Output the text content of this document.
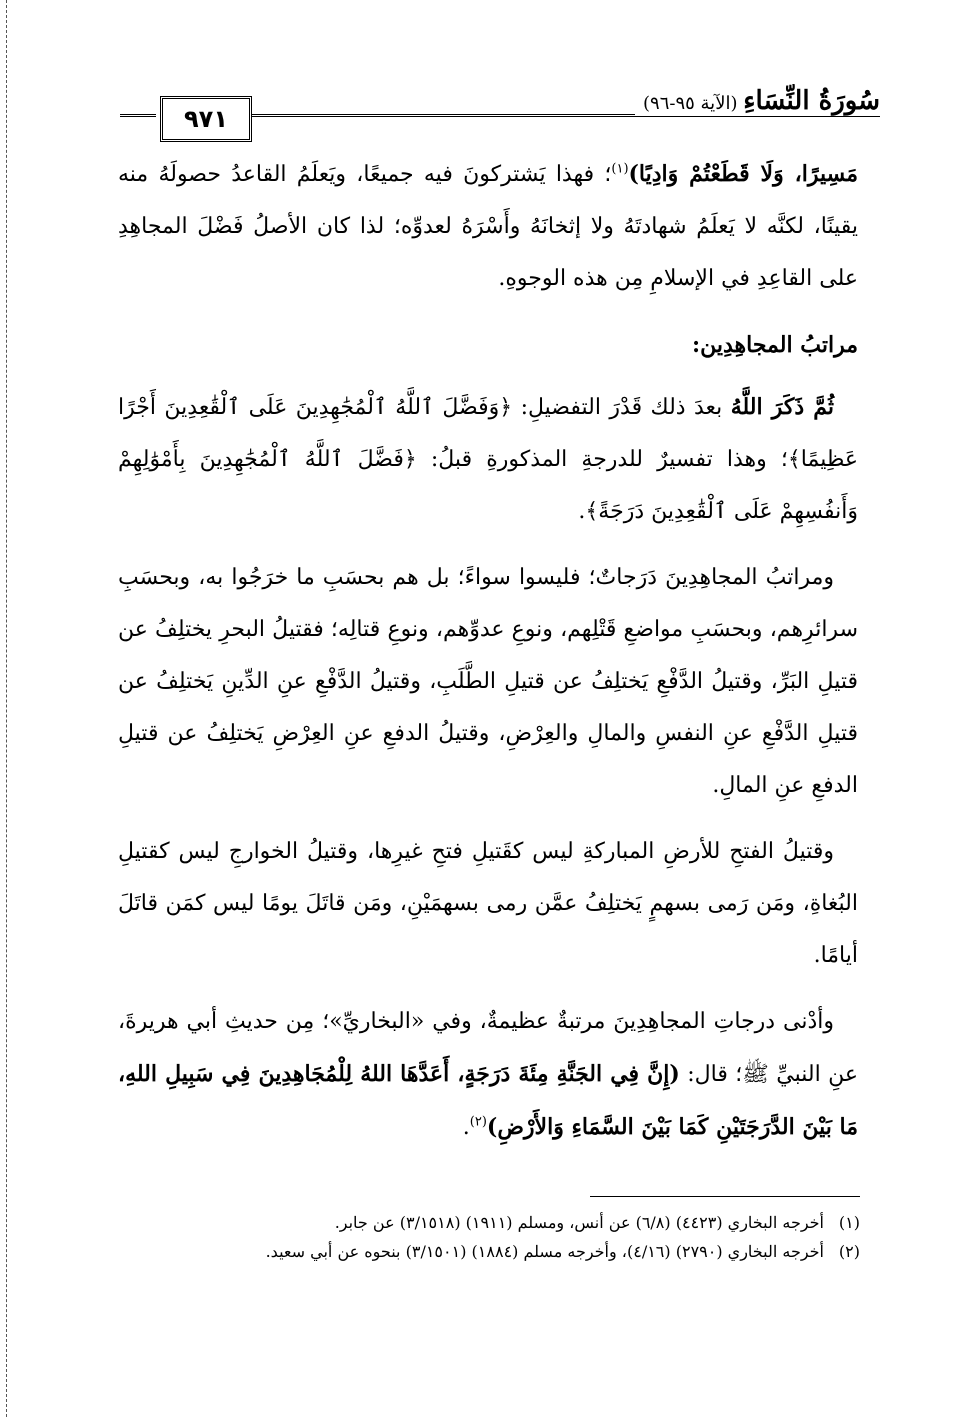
٩٧١
سُورَةُ النِّسَاءِ (الآية ٩٥-٩٦)

مَسِيرًا، وَلَا قَطَعْتُمْ وَادِيًا)$^{(١)}$؛ فهذا يَشتركونَ فيه جميعًا، ويَعلَمُ القاعدُ حصولَهُ منه يقينًا، لكنَّه لا يَعلَمُ شهادتَهُ ولا إثخانَهُ وأَسْرَهُ لعدوِّه؛ لذا كان الأصلُ فَضْلَ المجاهِدِ على القاعِدِ في الإسلامِ مِن هذه الوجوهِ.

مراتبُ المجاهِدِين:

ثُمَّ ذَكَرَ اللَّهُ بعدَ ذلك قَدْرَ التفضيلِ: ﴿وَفَضَّلَ ٱللَّهُ ٱلْمُجَٰهِدِينَ عَلَى ٱلْقَٰعِدِينَ أَجْرًا عَظِيمًا﴾؛ وهذا تفسيرٌ للدرجةِ المذكورةِ قبلُ: ﴿فَضَّلَ ٱللَّهُ ٱلْمُجَٰهِدِينَ بِأَمْوَٰلِهِمْ وَأَنفُسِهِمْ عَلَى ٱلْقَٰعِدِينَ دَرَجَةً﴾.

ومراتبُ المجاهِدِينَ دَرَجاتٌ؛ فليسوا سواءً؛ بل هم بحسَبِ ما خرَجُوا به، وبحسَبِ سرائرِهم، وبحسَبِ مواضعِ قَتْلِهم، ونوعِ عدوِّهم، ونوعِ قتالِه؛ فقتيلُ البحرِ يختلِفُ عن قتيلِ البَرِّ، وقتيلُ الدَّفْعِ يَختلِفُ عن قتيلِ الطَّلَبِ، وقتيلُ الدَّفْعِ عنِ الدِّينِ يَختلِفُ عن قتيلِ الدَّفْعِ عنِ النفسِ والمالِ والعِرْضِ، وقتيلُ الدفعِ عنِ العِرْضِ يَختلِفُ عن قتيلِ الدفعِ عنِ المالِ.

وقتيلُ الفتحِ للأرضِ المباركةِ ليس كقَتيلِ فتحِ غيرِها، وقتيلُ الخوارجِ ليس كقتيلِ البُغاةِ، ومَن رَمى بسهمٍ يَختلِفُ عمَّن رمى بسهمَيْنِ، ومَن قاتَلَ يومًا ليس كمَن قاتَلَ أيامًا.

وأدْنى درجاتِ المجاهِدِينَ مرتبةٌ عظيمةٌ، وفي «البخاريِّ»؛ مِن حديثِ أبي هريرةَ، عنِ النبيِّ ﷺ؛ قال: (إِنَّ فِي الجَنَّةِ مِئَةَ دَرَجَةٍ، أَعَدَّهَا اللهُ لِلْمُجَاهِدِينَ فِي سَبِيلِ اللهِ، مَا بَيْنَ الدَّرَجَتَيْنِ كَمَا بَيْنَ السَّمَاءِ وَالأَرْضِ)$^{(٢)}$.

(١)
أخرجه البخاري (٤٤٢٣) (٦/٨) عن أنس، ومسلم (١٩١١) (٣/١٥١٨) عن جابر.
(٢)
أخرجه البخاري (٢٧٩٠) (٤/١٦)، وأخرجه مسلم (١٨٨٤) (٣/١٥٠١) بنحوه عن أبي سعيد.
